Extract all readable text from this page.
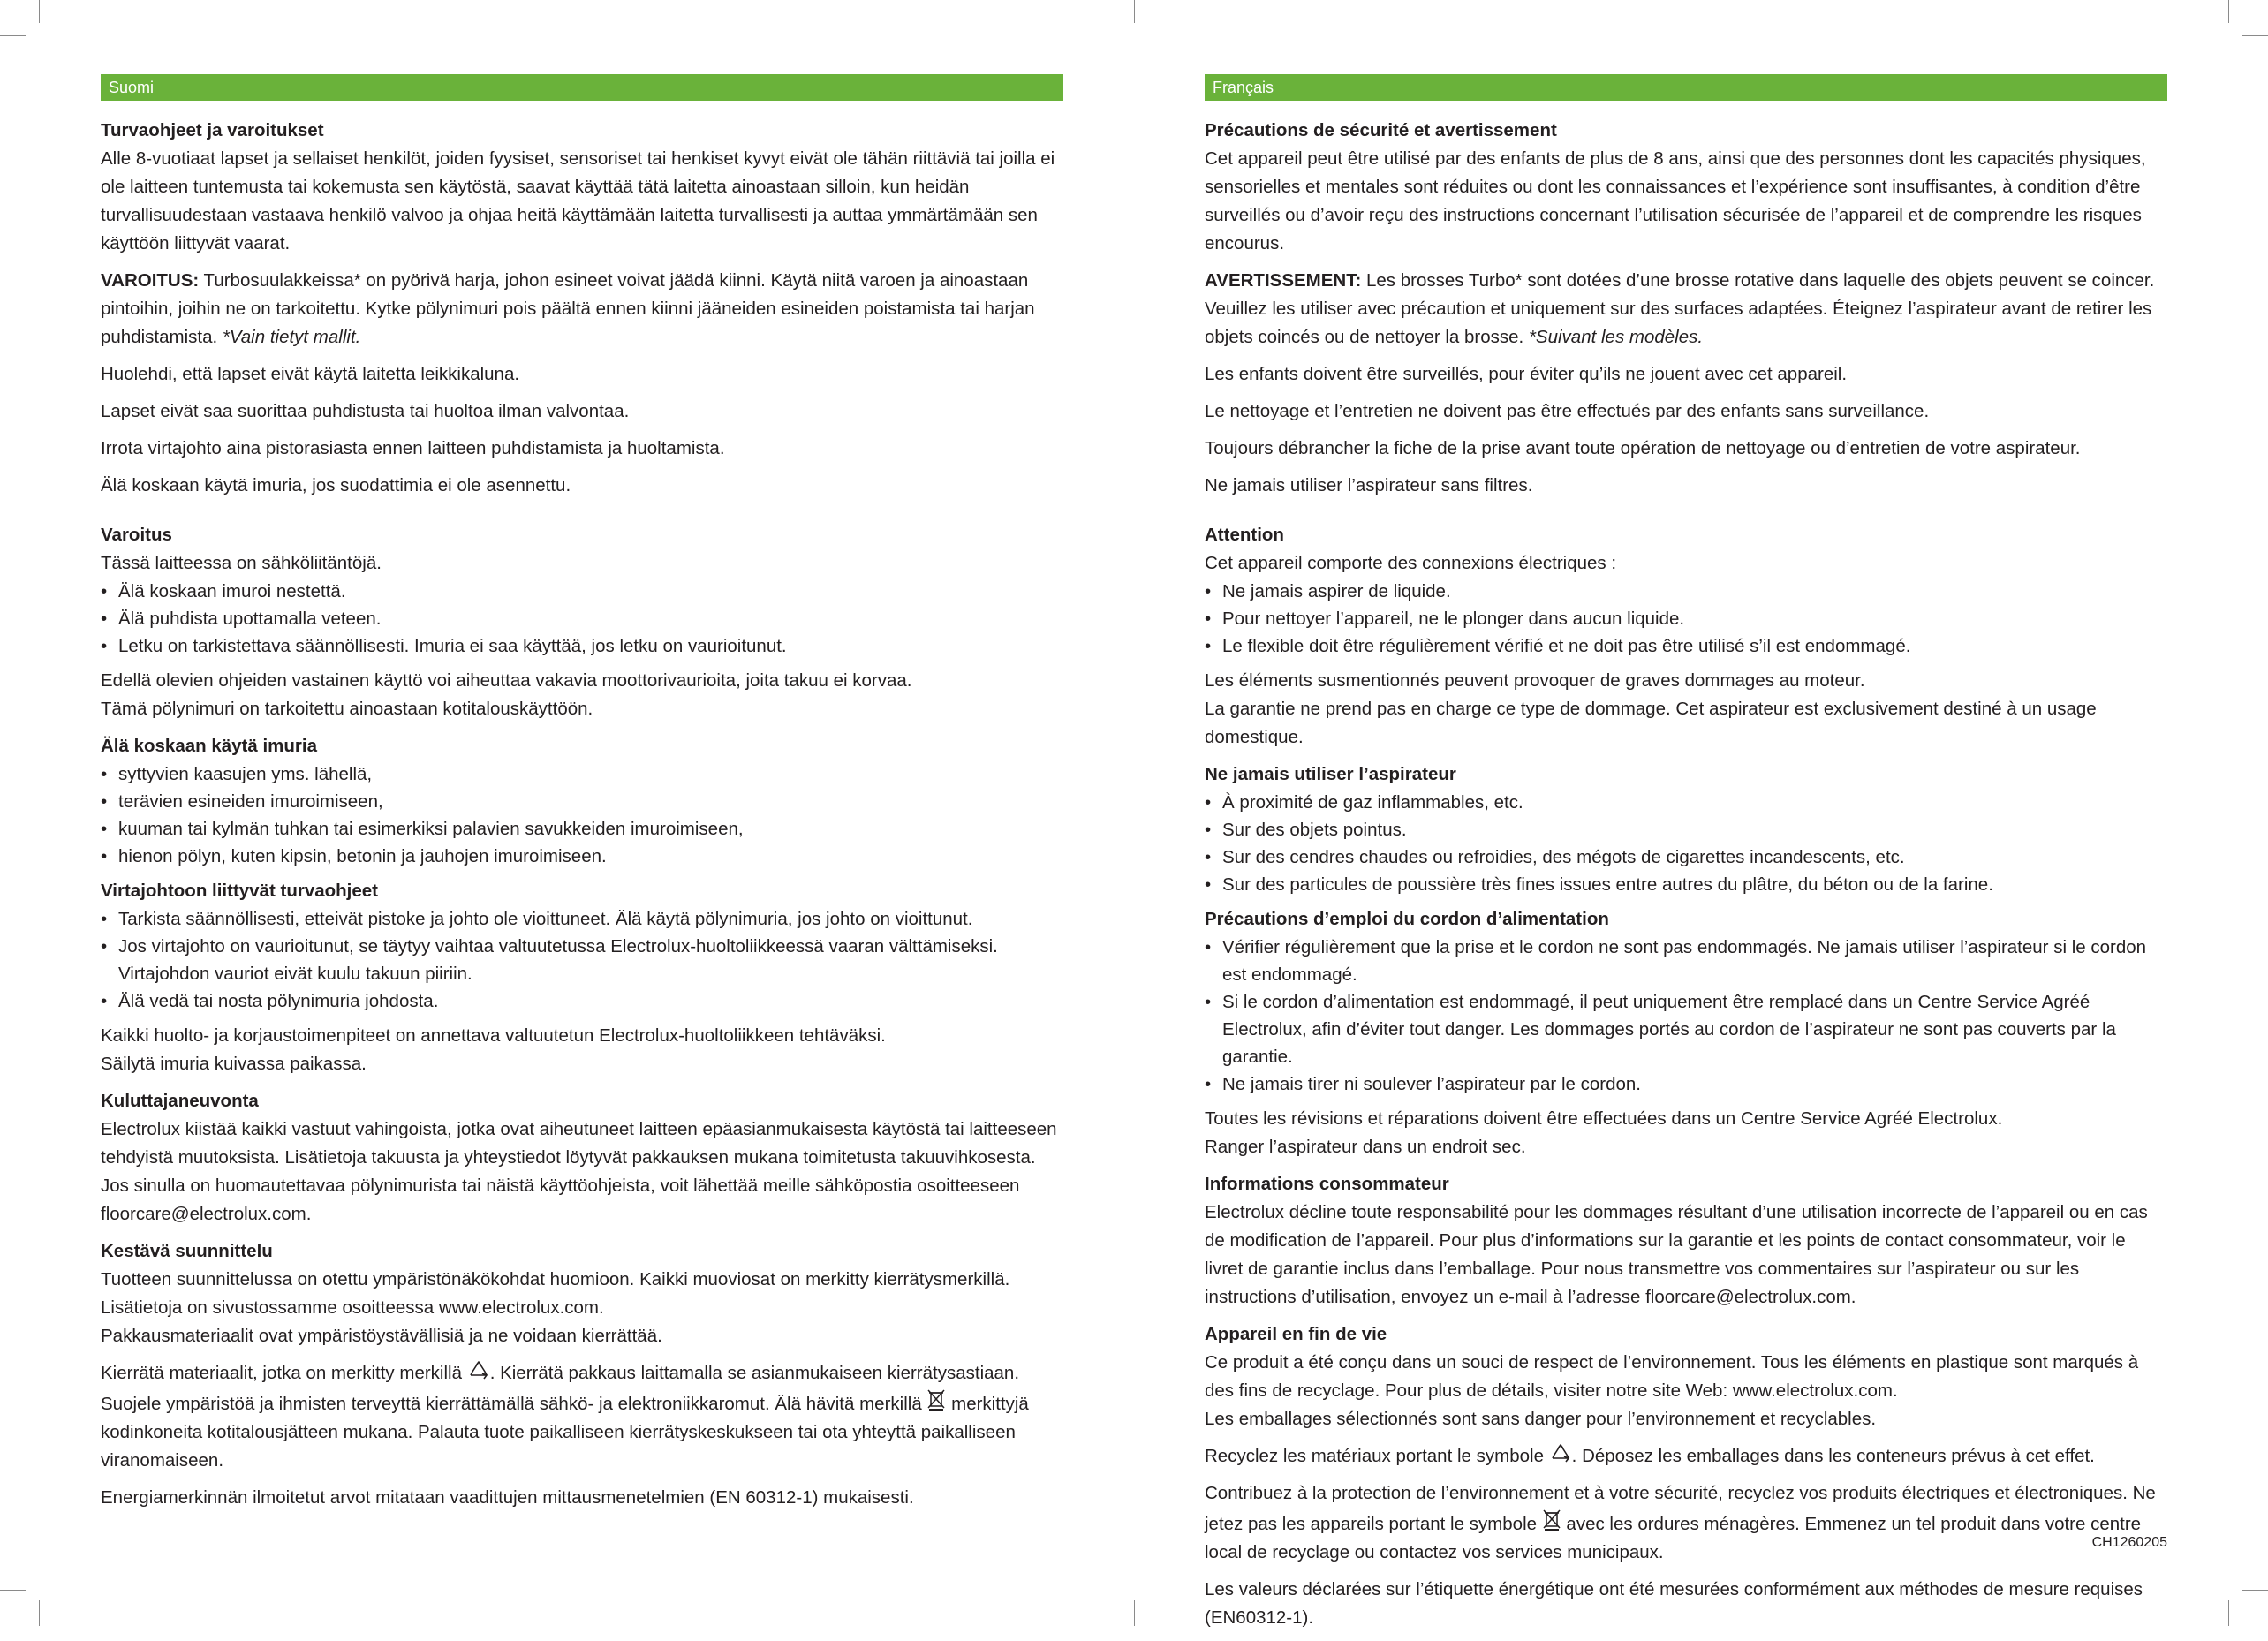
Suomi
Turvaohjeet ja varoitukset

Alle 8-vuotiaat lapset ja sellaiset henkilöt, joiden fyysiset, sensoriset tai henkiset kyvyt eivät ole tähän riittäviä tai joilla ei ole laitteen tuntemusta tai kokemusta sen käytöstä, saavat käyttää tätä laitetta ainoastaan silloin, kun heidän turvallisuudestaan vastaava henkilö valvoo ja ohjaa heitä käyttämään laitetta turvallisesti ja auttaa ymmärtämään sen käyttöön liittyvät vaarat.

VAROITUS: Turbosuulakkeissa* on pyörivä harja, johon esineet voivat jäädä kiinni. Käytä niitä varoen ja ainoastaan pintoihin, joihin ne on tarkoitettu. Kytke pölynimuri pois päältä ennen kiinni jääneiden esineiden poistamista tai harjan puhdistamista. *Vain tietyt mallit.

Huolehdi, että lapset eivät käytä laitetta leikkikaluna.

Lapset eivät saa suorittaa puhdistusta tai huoltoa ilman valvontaa.

Irrota virtajohto aina pistorasiasta ennen laitteen puhdistamista ja huoltamista.

Älä koskaan käytä imuria, jos suodattimia ei ole asennettu.

Varoitus

Tässä laitteessa on sähköliitäntöjä.

• Älä koskaan imuroi nestettä.
• Älä puhdista upottamalla veteen.
• Letku on tarkistettava säännöllisesti. Imuria ei saa käyttää, jos letku on vaurioitunut.

Edellä olevien ohjeiden vastainen käyttö voi aiheuttaa vakavia moottorivaurioita, joita takuu ei korvaa.

Tämä pölynimuri on tarkoitettu ainoastaan kotitalouskäyttöön.

Älä koskaan käytä imuria
• syttyvien kaasujen yms. lähellä,
• terävien esineiden imuroimiseen,
• kuuman tai kylmän tuhkan tai esimerkiksi palavien savukkeiden imuroimiseen,
• hienon pölyn, kuten kipsin, betonin ja jauhojen imuroimiseen.
Virtajohtoon liittyvät turvaohjeet
• Tarkista säännöllisesti, etteivät pistoke ja johto ole vioittuneet. Älä käytä pölynimuria, jos johto on vioittunut.
• Jos virtajohto on vaurioitunut, se täytyy vaihtaa valtuutetussa Electrolux-huoltoliikkeessä vaaran välttämiseksi. Virtajohdon vauriot eivät kuulu takuun piiriin.
• Älä vedä tai nosta pölynimuria johdosta.

Kaikki huolto- ja korjaustoimenpiteet on annettava valtuutetun Electrolux-huoltoliikkeen tehtäväksi.

Säilytä imuria kuivassa paikassa.

Kuluttajaneuvonta

Electrolux kiistää kaikki vastuut vahingoista, jotka ovat aiheutuneet laitteen epäasianmukaisesta käytöstä tai laitteeseen tehdyistä muutoksista. Lisätietoja takuusta ja yhteystiedot löytyvät pakkauksen mukana toimitetusta takuuvihkosesta. Jos sinulla on huomautettavaa pölynimurista tai näistä käyttöohjeista, voit lähettää meille sähköpostia osoitteeseen floorcare@electrolux.com.

Kestävä suunnittelu

Tuotteen suunnittelussa on otettu ympäristönäkökohdat huomioon. Kaikki muoviosat on merkitty kierrätysmerkillä. Lisätietoja on sivustossamme osoitteessa www.electrolux.com.

Pakkausmateriaalit ovat ympäristöystävällisiä ja ne voidaan kierrättää.

Kierrätä materiaalit, jotka on merkitty merkillä
. Kierrätä pakkaus laittamalla se asianmukaiseen kierrätysastiaan. Suojele ympäristöä ja ihmisten terveyttä kierrättämällä sähkö- ja elektroniikkaromut. Älä hävitä merkillä
merkittyjä kodinkoneita kotitalousjätteen mukana. Palauta tuote paikalliseen kierrätyskeskukseen tai ota yhteyttä paikalliseen viranomaiseen.

Energiamerkinnän ilmoitetut arvot mitataan vaadittujen mittausmenetelmien (EN 60312-1) mukaisesti.

Français
Précautions de sécurité et avertissement

Cet appareil peut être utilisé par des enfants de plus de 8 ans, ainsi que des personnes dont les capacités physiques, sensorielles et mentales sont réduites ou dont les connaissances et l’expérience sont insuffisantes, à condition d’être surveillés ou d’avoir reçu des instructions concernant l’utilisation sécurisée de l’appareil et de comprendre les risques encourus.

AVERTISSEMENT: Les brosses Turbo* sont dotées d’une brosse rotative dans laquelle des objets peuvent se coincer. Veuillez les utiliser avec précaution et uniquement sur des surfaces adaptées. Éteignez l’aspirateur avant de retirer les objets coincés ou de nettoyer la brosse. *Suivant les modèles.

Les enfants doivent être surveillés, pour éviter qu’ils ne jouent avec cet appareil.

Le nettoyage et l’entretien ne doivent pas être effectués par des enfants sans surveillance.

Toujours débrancher la fiche de la prise avant toute opération de nettoyage ou d’entretien de votre aspirateur.

Ne jamais utiliser l’aspirateur sans filtres.

Attention

Cet appareil comporte des connexions électriques :

• Ne jamais aspirer de liquide.
• Pour nettoyer l’appareil, ne le plonger dans aucun liquide.
• Le flexible doit être régulièrement vérifié et ne doit pas être utilisé s’il est endommagé.

Les éléments susmentionnés peuvent provoquer de graves dommages au moteur.

La garantie ne prend pas en charge ce type de dommage. Cet aspirateur est exclusivement destiné à un usage domestique.

Ne jamais utiliser l’aspirateur
• À proximité de gaz inflammables, etc.
• Sur des objets pointus.
• Sur des cendres chaudes ou refroidies, des mégots de cigarettes incandescents, etc.
• Sur des particules de poussière très fines issues entre autres du plâtre, du béton ou de la farine.
Précautions d’emploi du cordon d’alimentation
• Vérifier régulièrement que la prise et le cordon ne sont pas endommagés. Ne jamais utiliser l’aspirateur si le cordon est endommagé.
• Si le cordon d’alimentation est endommagé, il peut uniquement être remplacé dans un Centre Service Agréé Electrolux, afin d’éviter tout danger. Les dommages portés au cordon de l’aspirateur ne sont pas couverts par la garantie.
• Ne jamais tirer ni soulever l’aspirateur par le cordon.

Toutes les révisions et réparations doivent être effectuées dans un Centre Service Agréé Electrolux.

Ranger l’aspirateur dans un endroit sec.

Informations consommateur

Electrolux décline toute responsabilité pour les dommages résultant d’une utilisation incorrecte de l’appareil ou en cas de modification de l’appareil. Pour plus d’informations sur la garantie et les points de contact consommateur, voir le livret de garantie inclus dans l’emballage. Pour nous transmettre vos commentaires sur l’aspirateur ou sur les instructions d’utilisation, envoyez un e-mail à l’adresse floorcare@electrolux.com.

Appareil en fin de vie

Ce produit a été conçu dans un souci de respect de l’environnement. Tous les éléments en plastique sont marqués à des fins de recyclage. Pour plus de détails, visiter notre site Web: www.electrolux.com.

Les emballages sélectionnés sont sans danger pour l’environnement et recyclables.

Recyclez les matériaux portant le symbole
. Déposez les emballages dans les conteneurs prévus à cet effet.

Contribuez à la protection de l’environnement et à votre sécurité, recyclez vos produits électriques et électroniques. Ne jetez pas les appareils portant le symbole
avec les ordures ménagères. Emmenez un tel produit dans votre centre local de recyclage ou contactez vos services municipaux.

Les valeurs déclarées sur l’étiquette énergétique ont été mesurées conformément aux méthodes de mesure requises (EN60312-1).

CH1260205
